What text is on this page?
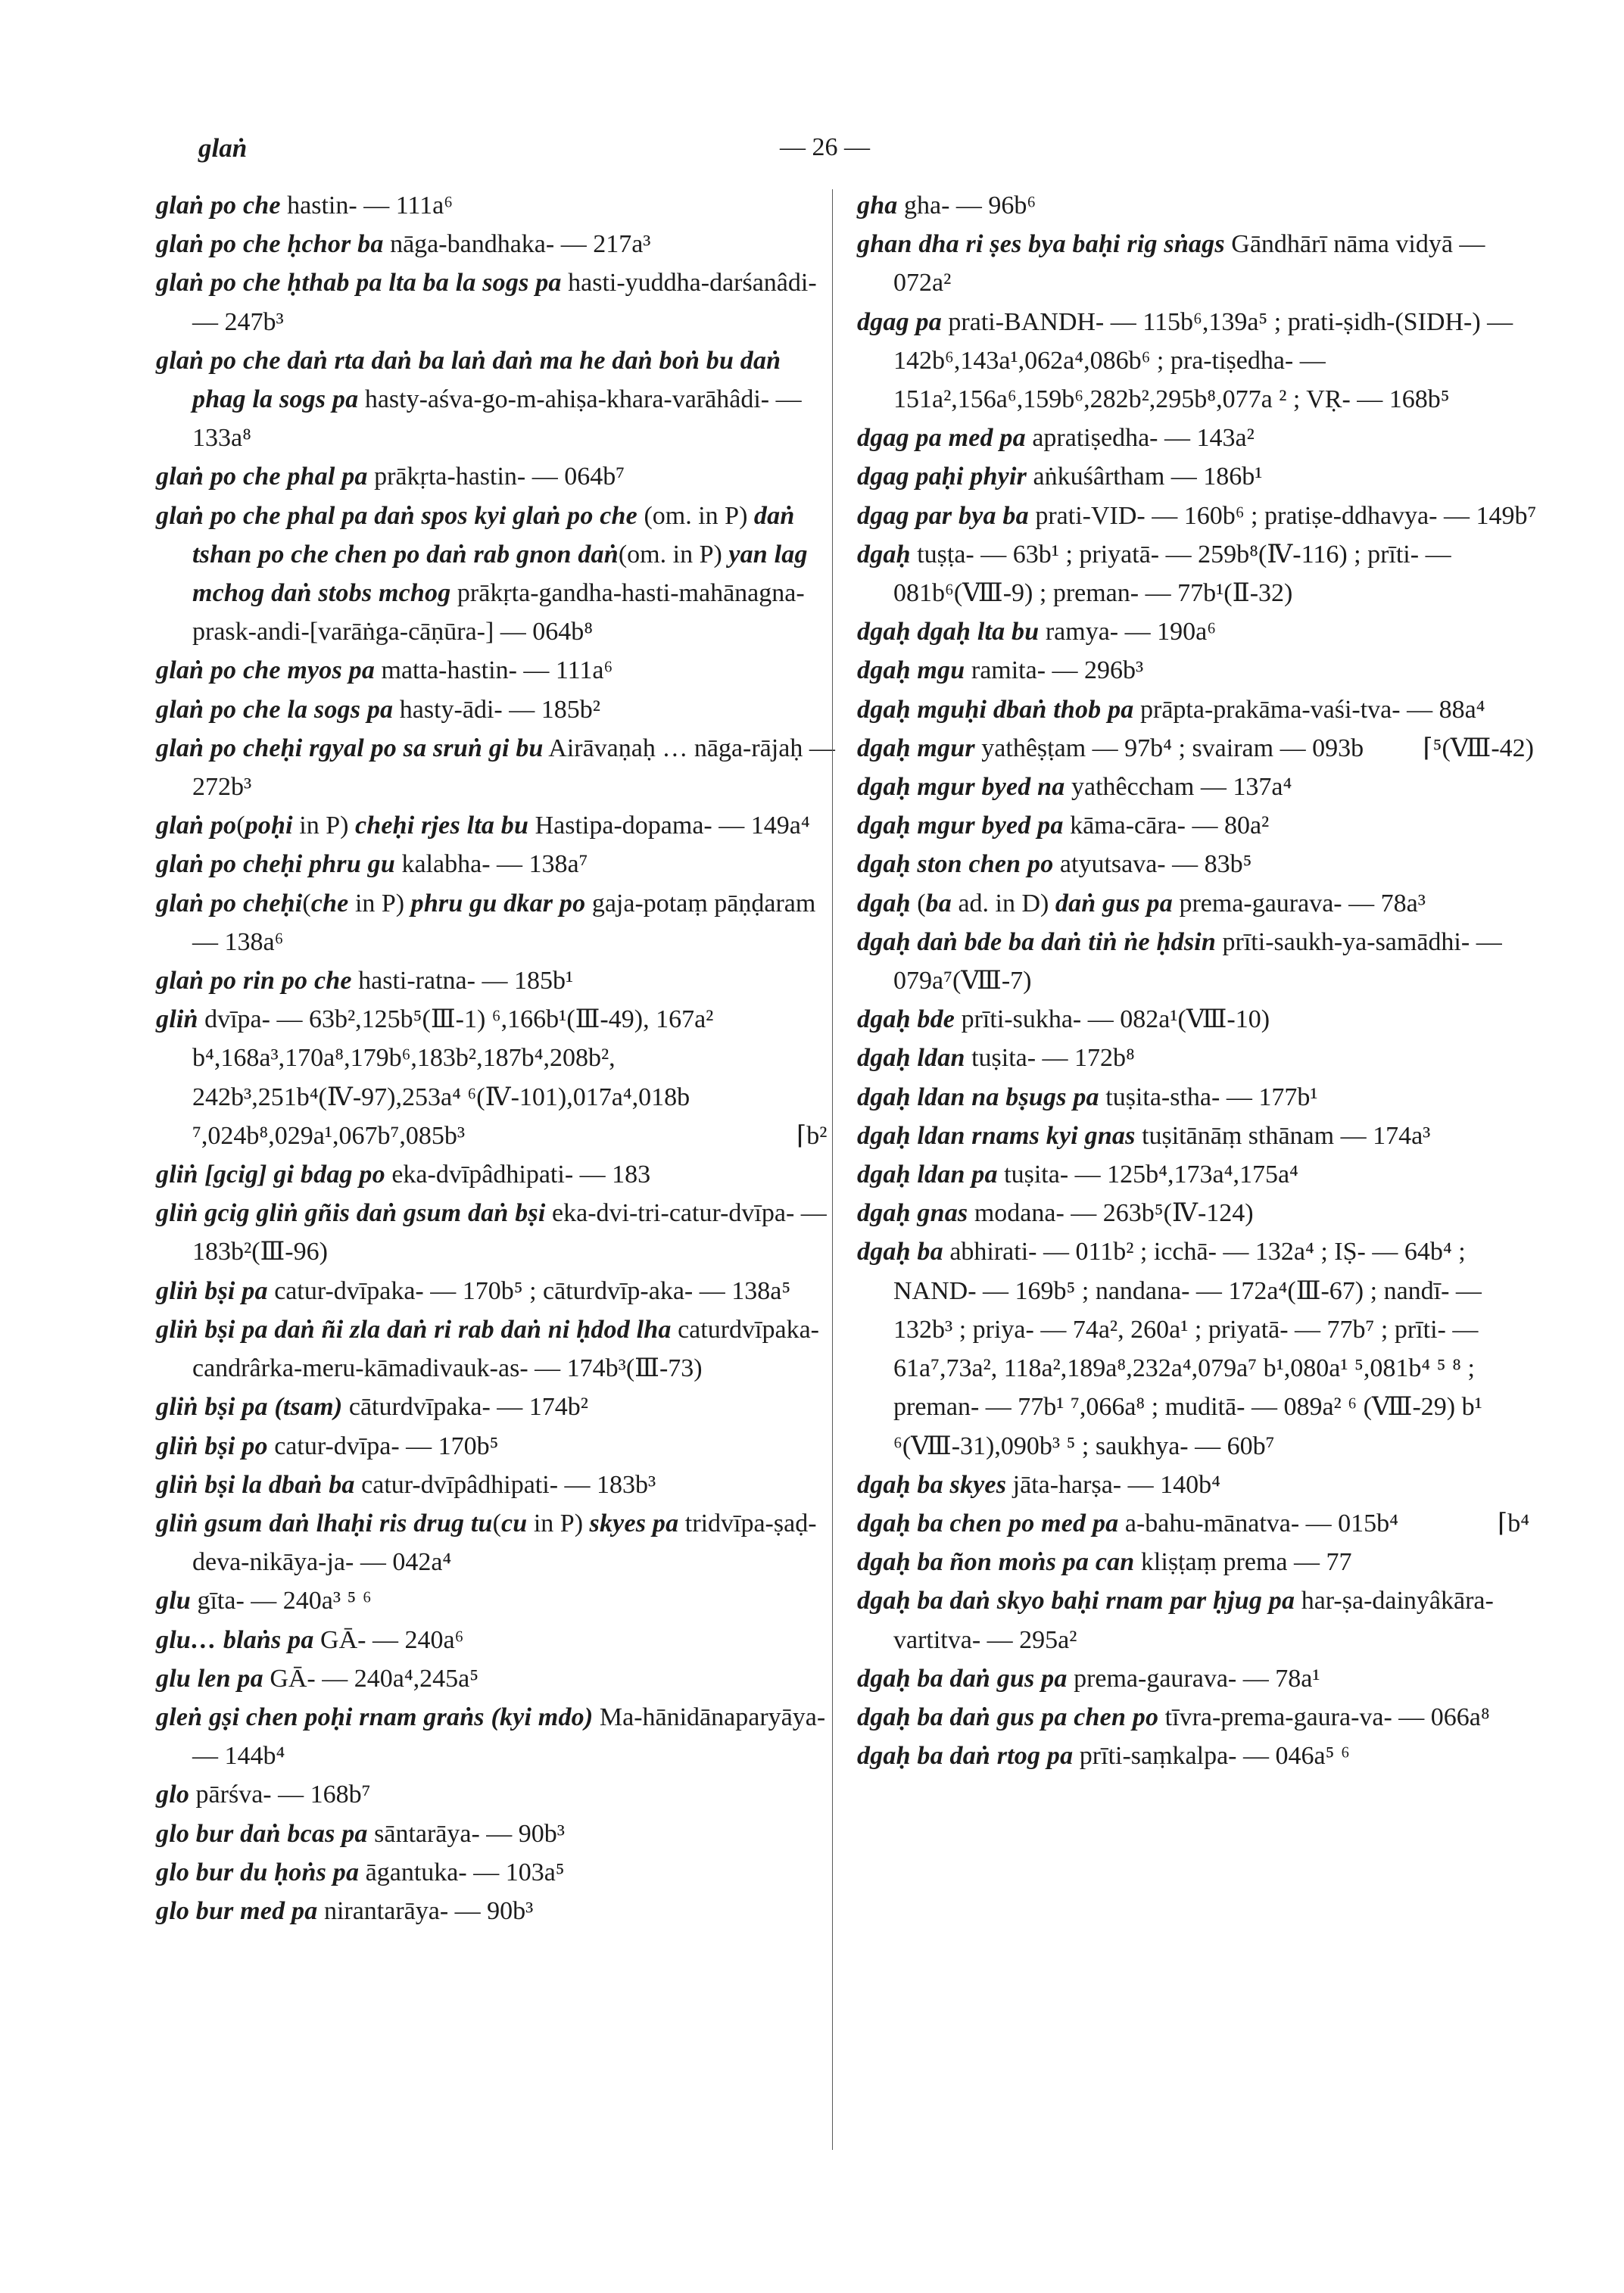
glaṅ	— 26 —
glaṅ po che hastin- — 111a⁶
glaṅ po che ḥchor ba nāga-bandhaka- — 217a³
glaṅ po che ḥthab pa lta ba la sogs pa hasti-yuddha-darśanâdi- — 247b³
glaṅ po che daṅ rta daṅ ba laṅ daṅ ma he daṅ boṅ bu daṅ phag la sogs pa hasty-aśva-go-m-ahiṣa-khara-varāhâdi- — 133a⁸
glaṅ po che phal pa prākṛta-hastin- — 064b⁷
glaṅ po che phal pa daṅ spos kyi glaṅ po che (om. in P) daṅ tshan po che chen po daṅ rab gnon daṅ(om. in P) yan lag mchog daṅ stobs mchog prākṛta-gandha-hasti-mahānagna-prask-andi-[varāṅga-cāṇūra-] — 064b⁸
glaṅ po che myos pa matta-hastin- — 111a⁶
glaṅ po che la sogs pa hasty-ādi- — 185b²
glaṅ po cheḥi rgyal po sa sruṅ gi bu Airāvaṇaḥ … nāga-rājaḥ — 272b³
glaṅ po(poḥi in P) cheḥi rjes lta bu Hastipa-dopama- — 149a⁴
glaṅ po cheḥi phru gu kalabha- — 138a⁷
glaṅ po cheḥi(che in P) phru gu dkar po gaja-potaṃ pāṇḍaram — 138a⁶
glaṅ po rin po che hasti-ratna- — 185b¹
gliṅ dvīpa- — 63b²,125b⁵(Ⅲ-1) ⁶,166b¹(Ⅲ-49), 167a² b⁴,168a³,170a⁸,179b⁶,183b²,187b⁴,208b², 242b³,251b⁴(Ⅳ-97),253a⁴ ⁶(Ⅳ-101),017a⁴,018b ⁷,024b⁸,029a¹,067b⁷,085b³	⌈b²
gliṅ [gcig] gi bdag po eka-dvīpâdhipati- — 183
gliṅ gcig gliṅ gñis daṅ gsum daṅ bṣi eka-dvi-tri-catur-dvīpa- — 183b²(Ⅲ-96)
gliṅ bṣi pa catur-dvīpaka- — 170b⁵ ; cāturdvīp-aka- — 138a⁵
gliṅ bṣi pa daṅ ñi zla daṅ ri rab daṅ ni ḥdod lha caturdvīpaka-candrârka-meru-kāmadivauk-as- — 174b³(Ⅲ-73)
gliṅ bṣi pa (tsam) cāturdvīpaka- — 174b²
gliṅ bṣi po catur-dvīpa- — 170b⁵
gliṅ bṣi la dbaṅ ba catur-dvīpâdhipati- — 183b³
gliṅ gsum daṅ lhaḥi ris drug tu(cu in P) skyes pa tridvīpa-ṣaḍ-deva-nikāya-ja- — 042a⁴
glu gīta- — 240a³ ⁵ ⁶
glu… blaṅs pa GĀ- — 240a⁶
glu len pa GĀ- — 240a⁴,245a⁵
gleṅ gṣi chen poḥi rnam graṅs (kyi mdo) Ma-hānidānaparyāya- — 144b⁴
glo pārśva- — 168b⁷
glo bur daṅ bcas pa sāntarāya- — 90b³
glo bur du ḥoṅs pa āgantuka- — 103a⁵
glo bur med pa nirantarāya- — 90b³
gha gha- — 96b⁶
ghan dha ri ṣes bya baḥi rig sṅags Gāndhārī nāma vidyā — 072a²
dgag pa prati-BANDH- — 115b⁶,139a⁵ ; prati-ṣidh-(SIDH-) — 142b⁶,143a¹,062a⁴,086b⁶ ; pra-tiṣedha- — 151a²,156a⁶,159b⁶,282b²,295b⁸,077a ² ; VṚ- — 168b⁵
dgag pa med pa apratiṣedha- — 143a²
dgag paḥi phyir aṅkuśârtham — 186b¹
dgag par bya ba prati-VID- — 160b⁶ ; pratiṣe-ddhavya- — 149b⁷
dgaḥ tuṣṭa- — 63b¹ ; priyatā- — 259b⁸(Ⅳ-116) ; prīti- — 081b⁶(Ⅷ-9) ; preman- — 77b¹(Ⅱ-32)
dgaḥ dgaḥ lta bu ramya- — 190a⁶
dgaḥ mgu ramita- — 296b³
dgaḥ mguḥi dbaṅ thob pa prāpta-prakāma-vaśi-tva- — 88a⁴
⌈⁵(Ⅷ-42)
dgaḥ mgur yathêṣṭam — 97b⁴ ; svairam — 093b
dgaḥ mgur byed na yathêccham — 137a⁴
dgaḥ mgur byed pa kāma-cāra- — 80a²
dgaḥ ston chen po atyutsava- — 83b⁵
dgaḥ (ba ad. in D) daṅ gus pa prema-gaurava- — 78a³
dgaḥ daṅ bde ba daṅ tiṅ ṅe ḥdsin prīti-saukh-ya-samādhi- — 079a⁷(Ⅷ-7)
dgaḥ bde prīti-sukha- — 082a¹(Ⅷ-10)
dgaḥ ldan tuṣita- — 172b⁸
dgaḥ ldan na bṣugs pa tuṣita-stha- — 177b¹
dgaḥ ldan rnams kyi gnas tuṣitānāṃ sthānam — 174a³
dgaḥ ldan pa tuṣita- — 125b⁴,173a⁴,175a⁴
dgaḥ gnas modana- — 263b⁵(Ⅳ-124)
dgaḥ ba abhirati- — 011b² ; icchā- — 132a⁴ ; IṢ- — 64b⁴ ; NAND- — 169b⁵ ; nandana- — 172a⁴(Ⅲ-67) ; nandī- — 132b³ ; priya- — 74a², 260a¹ ; priyatā- — 77b⁷ ; prīti- — 61a⁷,73a², 118a²,189a⁸,232a⁴,079a⁷ b¹,080a¹ ⁵,081b⁴ ⁵ ⁸ ; preman- — 77b¹ ⁷,066a⁸ ; muditā- — 089a² ⁶ (Ⅷ-29) b¹ ⁶(Ⅷ-31),090b³ ⁵ ; saukhya- — 60b⁷
dgaḥ ba skyes jāta-harṣa- — 140b⁴
dgaḥ ba chen po med pa a-bahu-mānatva- — 015b⁴	⌈b⁴
dgaḥ ba ñon moṅs pa can kliṣṭaṃ prema — 77
dgaḥ ba daṅ skyo baḥi rnam par ḥjug pa har-ṣa-dainyâkāra-vartitva- — 295a²
dgaḥ ba daṅ gus pa prema-gaurava- — 78a¹
dgaḥ ba daṅ gus pa chen po tīvra-prema-gaura-va- — 066a⁸
dgaḥ ba daṅ rtog pa prīti-saṃkalpa- — 046a⁵ ⁶
